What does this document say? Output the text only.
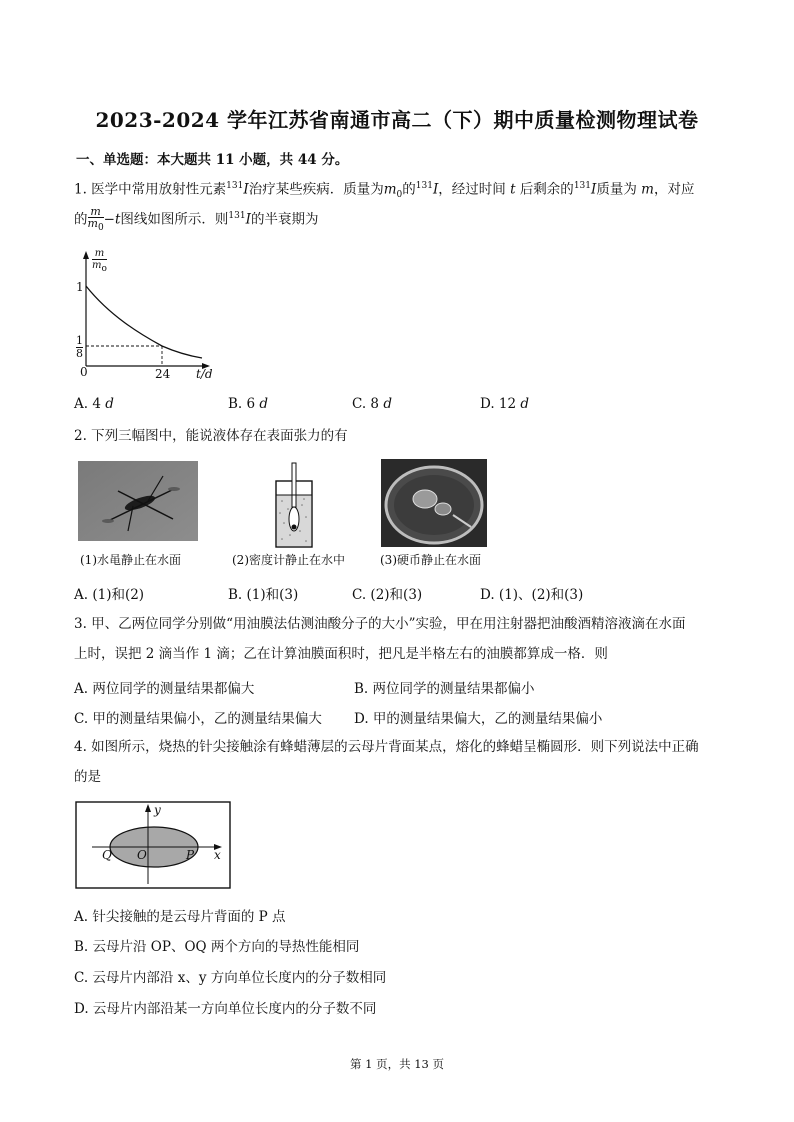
2023-2024 学年江苏省南通市高二（下）期中质量检测物理试卷
一、单选题：本大题共 11 小题，共 44 分。
1. 医学中常用放射性元素$^{131}$I治疗某些疾病．质量为$m_0$的$^{131}$I，经过时间 t 后剩余的$^{131}$I质量为 m，对应
的 $\frac{m}{m_0} -t$图线如图所示．则$^{131}$I的半衰期为
m
$m_o$
1
$\frac{1}{8}$
0	24 t/d
A. 4 d	B. 6 d	C. 8 d	D. 12 d
2. 下列三幅图中，能说液体存在表面张力的有
(1)水黾静止在水面	(2)密度计静止在水中	(3)硬币静止在水面
A. (1)和(2)	B. (1)和(3)	C. (2)和(3)	D. (1)、(2)和(3)
3. 甲、乙两位同学分别做“用油膜法估测油酸分子的大小”实验，甲在用注射器把油酸酒精溶液滴在水面
上时，误把 2 滴当作 1 滴；乙在计算油膜面积时，把凡是半格左右的油膜都算成一格．则
A. 两位同学的测量结果都偏大	B. 两位同学的测量结果都偏小
C. 甲的测量结果偏小，乙的测量结果偏大 D. 甲的测量结果偏大，乙的测量结果偏小
4. 如图所示，烧热的针尖接触涂有蜂蜡薄层的云母片背面某点，熔化的蜂蜡呈椭圆形．则下列说法中正确
的是
y
x
Q O	P
A. 针尖接触的是云母片背面的 P 点
B. 云母片沿 OP、OQ 两个方向的导热性能相同
C. 云母片内部沿 x、y 方向单位长度内的分子数相同
D. 云母片内部沿某一方向单位长度内的分子数不同
第 1 页，共 13 页
